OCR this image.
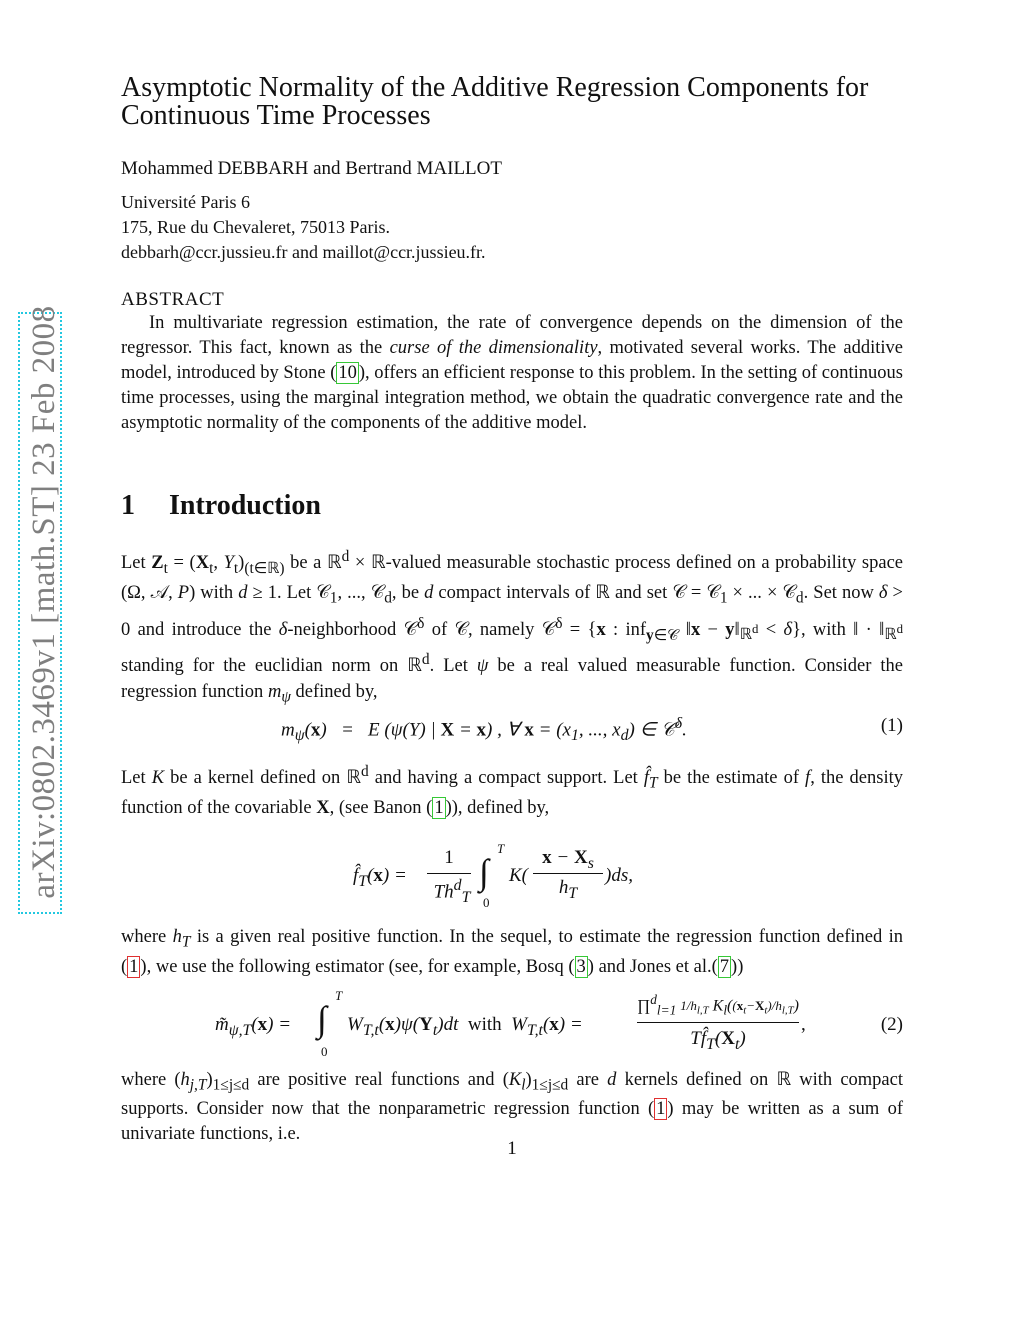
arXiv:0802.3469v1 [math.ST] 23 Feb 2008
Asymptotic Normality of the Additive Regression Components for Continuous Time Processes
Mohammed DEBBARH and Bertrand MAILLOT
Université Paris 6
175, Rue du Chevaleret, 75013 Paris.
debbarh@ccr.jussieu.fr and maillot@ccr.jussieu.fr.
ABSTRACT
In multivariate regression estimation, the rate of convergence depends on the dimension of the regressor. This fact, known as the curse of the dimensionality, motivated several works. The additive model, introduced by Stone ( 10 ), offers an efficient response to this problem. In the setting of continuous time processes, using the marginal integration method, we obtain the quadratic convergence rate and the asymptotic normality of the components of the additive model.
1 Introduction
Let $Z_t = (X_t$, $Y_t)_{(t\in ℝ)}$ be a ℝ$^d$ × ℝ-valued measurable stochastic process defined on a probability space (Ω, 𝒜, P) with d ≥ 1. Let 𝒞$_1$, ..., 𝒞$_d$, be d compact intervals of ℝ and set 𝒞 = 𝒞$_1$ × ... × 𝒞$_d$. Set now δ > 0 and introduce the δ-neighborhood 𝒞$^\delta$ of 𝒞, namely 𝒞$^\delta$ = {x : inf$_{y\in 𝒞}$ ‖x − $y‖_{ℝ^d} < \delta$}, with ‖ · $‖_{ℝ^d}$ standing for the euclidian norm on ℝ$^d$. Let ψ be a real valued measurable function. Consider the regression function $m_\psi$ defined by,
$m_\psi(x) = E$ (ψ(Y) | X = x) , ∀ $x = (x_1$, ..., $x_d$) ∈ 𝒞$^\delta$.	(1)
Let K be a kernel defined on ℝ$^d$ and having a compact support. Let $f̂_T$ be the estimate of f, the density function of the covariable X, (see Banon ( 1 )), defined by,
$f̂_T(x)$ =
1
$Th^d_T$
∫
T
0
K(
$x - X_s$
$h_T$
)ds,
where $h_T$ is a given real positive function. In the sequel, to estimate the regression function defined in ( 1 ), we use the following estimator (see, for example, Bosq ( 3 ) and Jones et al.( 7 ))
$m̃_{\psi,T}(x)$ = ∫
T
0
$W_{T,t}(x)\psi(Y_t)dt$  with  $W_{T,t}(x)$ =
∏$^d_{l=1}$ $1/h_{l,T}$ $K_l((x_t-X_t)/h_{l,T})$
$Tf̂_T(X_t)$
,	(2)
where $(h_{j,T})_{1\le j\le d}$ are positive real functions and $(K_l)_{1\le j\le d}$ are d kernels defined on ℝ with compact supports. Consider now that the nonparametric regression function ( 1 ) may be written as a sum of univariate functions, i.e.
1
